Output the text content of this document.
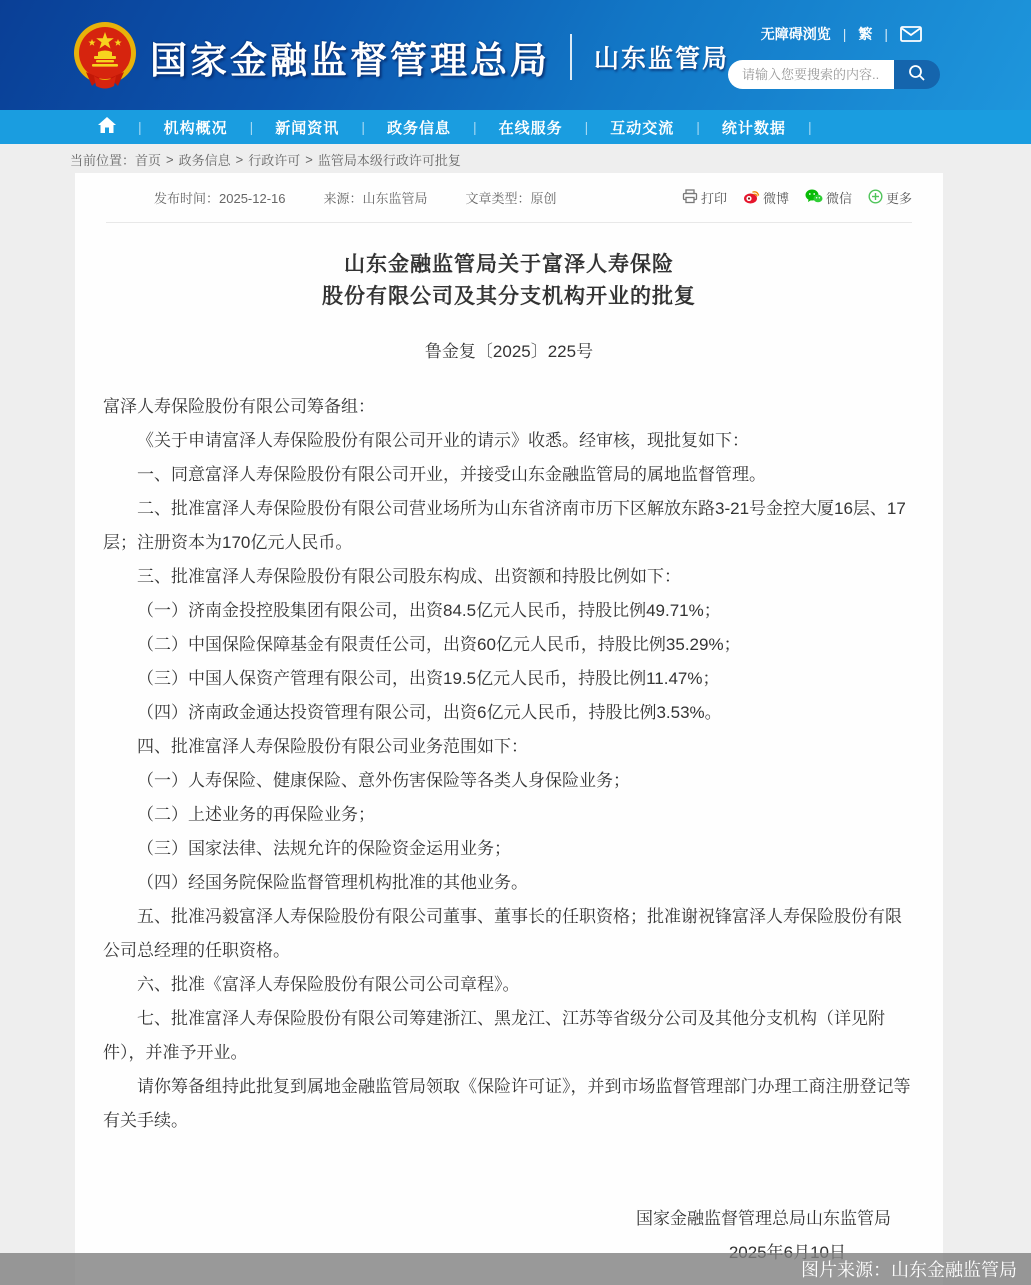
国家金融监督管理总局 山东监管局
无障碍浏览 | 繁 |
请输入您要搜索的内容...
| 机构概况 | 新闻资讯 | 政务信息 | 在线服务 | 互动交流 | 统计数据 |
当前位置： 首页 > 政务信息 > 行政许可 > 监管局本级行政许可批复
发布时间：2025-12-16	来源：山东监管局	文章类型：原创	打印	微博	微信	更多
山东金融监管局关于富泽人寿保险
股份有限公司及其分支机构开业的批复
鲁金复〔2025〕225号

富泽人寿保险股份有限公司筹备组：

《关于申请富泽人寿保险股份有限公司开业的请示》收悉。经审核，现批复如下：

一、同意富泽人寿保险股份有限公司开业，并接受山东金融监管局的属地监督管理。

二、批准富泽人寿保险股份有限公司营业场所为山东省济南市历下区解放东路3-21号金控大厦16层、17层；注册资本为170亿元人民币。

三、批准富泽人寿保险股份有限公司股东构成、出资额和持股比例如下：

（一）济南金投控股集团有限公司，出资84.5亿元人民币，持股比例49.71%；

（二）中国保险保障基金有限责任公司，出资60亿元人民币，持股比例35.29%；

（三）中国人保资产管理有限公司，出资19.5亿元人民币，持股比例11.47%；

（四）济南政金通达投资管理有限公司，出资6亿元人民币，持股比例3.53%。

四、批准富泽人寿保险股份有限公司业务范围如下：

（一）人寿保险、健康保险、意外伤害保险等各类人身保险业务；

（二）上述业务的再保险业务；

（三）国家法律、法规允许的保险资金运用业务；

（四）经国务院保险监督管理机构批准的其他业务。

五、批准冯毅富泽人寿保险股份有限公司董事、董事长的任职资格；批准谢祝锋富泽人寿保险股份有限公司总经理的任职资格。

六、批准《富泽人寿保险股份有限公司公司章程》。

七、批准富泽人寿保险股份有限公司筹建浙江、黑龙江、江苏等省级分公司及其他分支机构（详见附件），并准予开业。

请你筹备组持此批复到属地金融监管局领取《保险许可证》，并到市场监督管理部门办理工商注册登记等有关手续。

国家金融监督管理总局山东监管局
图片来源：山东金融监管局
